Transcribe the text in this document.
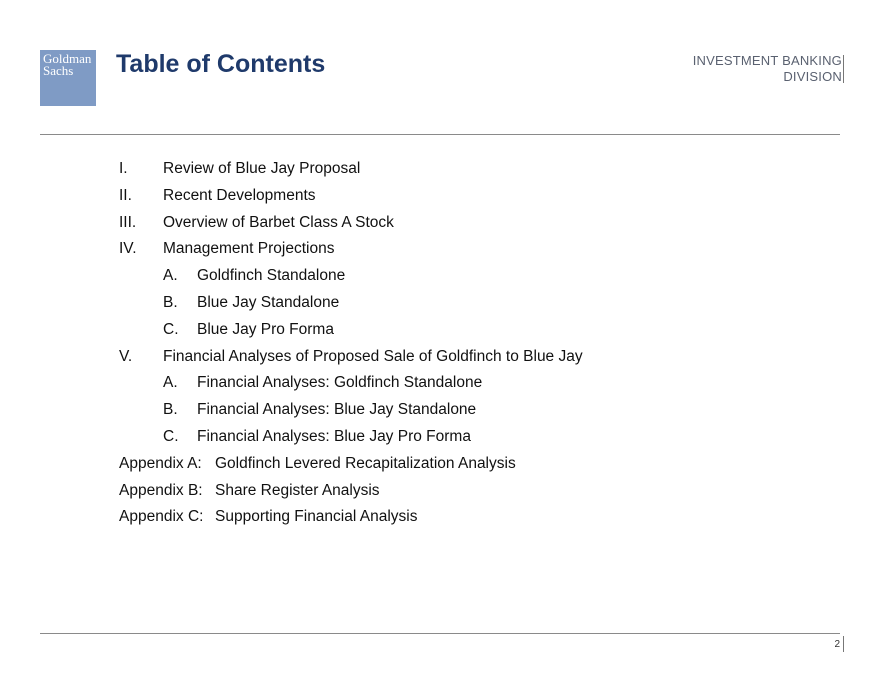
Goldman
Sachs	Table of Contents	INVESTMENT BANKING
DIVISION
I. Review of Blue Jay Proposal
II. Recent Developments
III. Overview of Barbet Class A Stock
IV. Management Projections
A. Goldfinch Standalone
B. Blue Jay Standalone
C. Blue Jay Pro Forma
V. Financial Analyses of Proposed Sale of Goldfinch to Blue Jay
A. Financial Analyses: Goldfinch Standalone
B. Financial Analyses: Blue Jay Standalone
C. Financial Analyses: Blue Jay Pro Forma
Appendix A: Goldfinch Levered Recapitalization Analysis
Appendix B: Share Register Analysis
Appendix C: Supporting Financial Analysis
2
